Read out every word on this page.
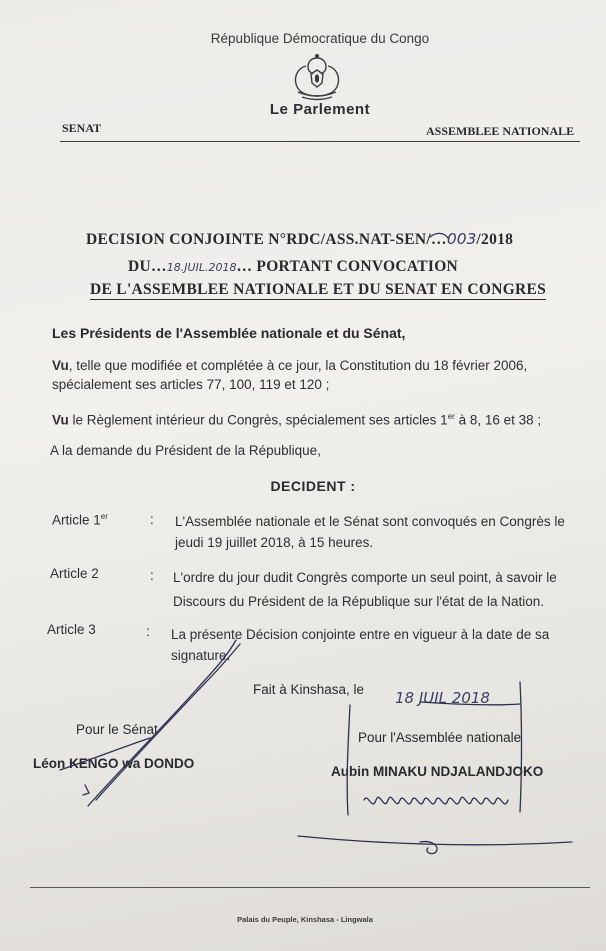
République Démocratique du Congo
Le Parlement
SENAT	ASSEMBLEE NATIONALE
DECISION CONJOINTE N°RDC/ASS.NAT-SEN/…003/2018
DU…18.JUIL.2018… PORTANT CONVOCATION
DE L'ASSEMBLEE NATIONALE ET DU SENAT EN CONGRES
Les Présidents de l'Assemblée nationale et du Sénat,
Vu, telle que modifiée et complétée à ce jour, la Constitution du 18 février 2006,
spécialement ses articles 77, 100, 119 et 120 ;
Vu le Règlement intérieur du Congrès, spécialement ses articles 1er à 8, 16 et 38 ;
A la demande du Président de la République,
DECIDENT :
Article 1er	: L'Assemblée nationale et le Sénat sont convoqués en Congrès le
jeudi 19 juillet 2018, à 15 heures.
Article 2	: L'ordre du jour dudit Congrès comporte un seul point, à savoir le
Discours du Président de la République sur l'état de la Nation.
Article 3	: La présente Décision conjointe entre en vigueur à la date de sa
signature.
Fait à Kinshasa, le 18 JUIL 2018
Pour le Sénat
Léon KENGO wa DONDO
Pour l'Assemblée nationale
Aubin MINAKU NDJALANDJOKO
Palais du Peuple, Kinshasa - Lingwala
